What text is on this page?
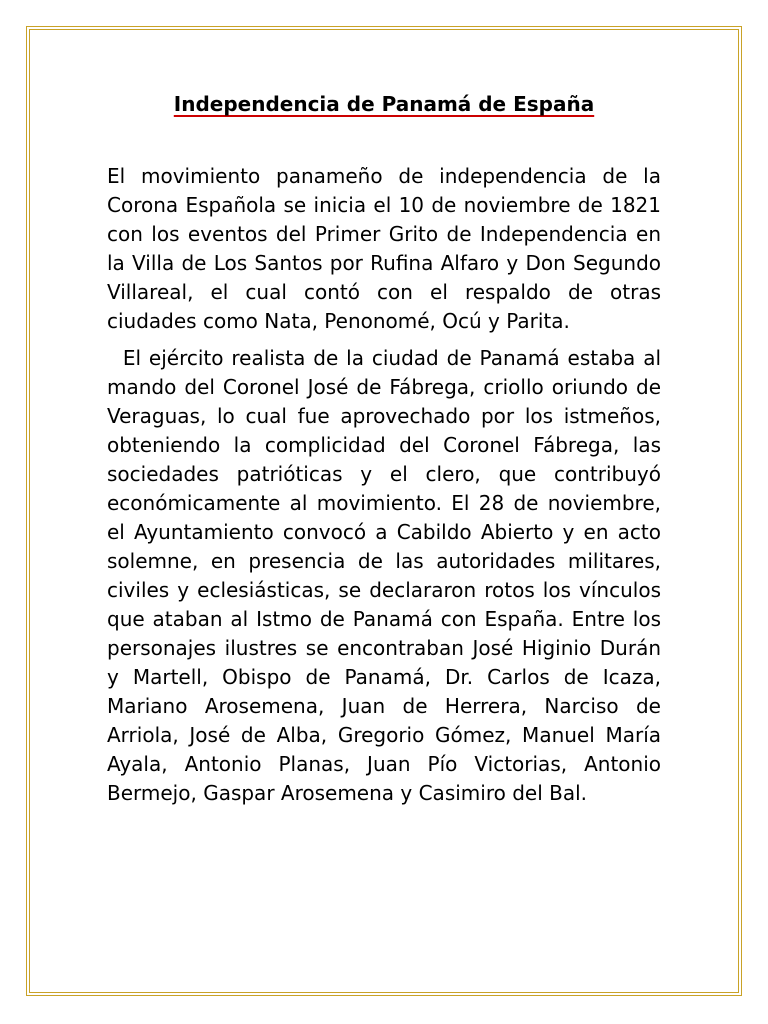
Independencia de Panamá de España

El movimiento panameño de independencia de la Corona Española se inicia el 10 de noviembre de 1821 con los eventos del Primer Grito de Independencia en la Villa de Los Santos por Rufina Alfaro y Don Segundo Villareal, el cual contó con el respaldo de otras ciudades como Nata, Penonomé, Ocú y Parita.

El ejército realista de la ciudad de Panamá estaba al mando del Coronel José de Fábrega, criollo oriundo de Veraguas, lo cual fue aprovechado por los istmeños, obteniendo la complicidad del Coronel Fábrega, las sociedades patrióticas y el clero, que contribuyó económicamente al movimiento. El 28 de noviembre, el Ayuntamiento convocó a Cabildo Abierto y en acto solemne, en presencia de las autoridades militares, civiles y eclesiásticas, se declararon rotos los vínculos que ataban al Istmo de Panamá con España. Entre los personajes ilustres se encontraban José Higinio Durán y Martell, Obispo de Panamá, Dr. Carlos de Icaza, Mariano Arosemena, Juan de Herrera, Narciso de Arriola, José de Alba, Gregorio Gómez, Manuel María Ayala, Antonio Planas, Juan Pío Victorias, Antonio Bermejo, Gaspar Arosemena y Casimiro del Bal.
